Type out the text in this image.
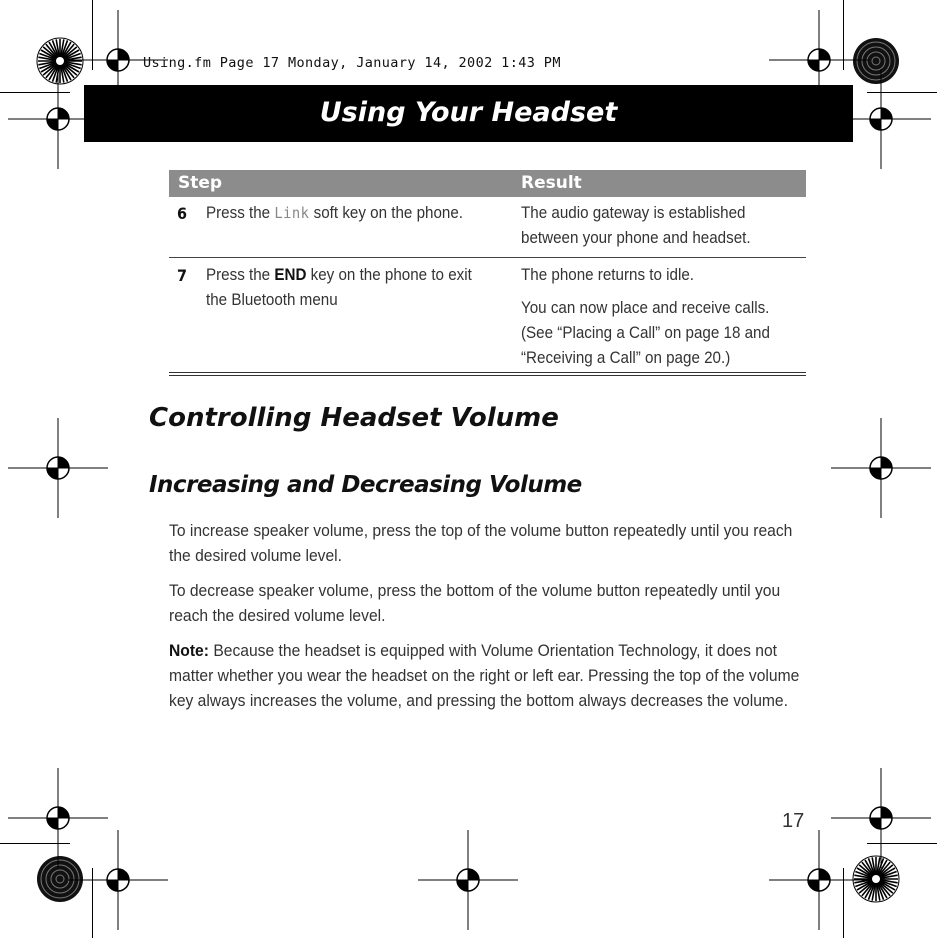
Using.fm Page 17 Monday, January 14, 2002 1:43 PM
Using Your Headset
Step	Result
6 Press the Link soft key on the phone.	The audio gateway is established between your phone and headset.
7 Press the END key on the phone to exit the Bluetooth menu
The phone returns to idle.
You can now place and receive calls. (See “Placing a Call” on page 18 and “Receiving a Call” on page 20.)
Controlling Headset Volume
Increasing and Decreasing Volume
To increase speaker volume, press the top of the volume button repeatedly until you reach the desired volume level.
To decrease speaker volume, press the bottom of the volume button repeatedly until you reach the desired volume level.
Note: Because the headset is equipped with Volume Orientation Technology, it does not matter whether you wear the headset on the right or left ear. Pressing the top of the volume key always increases the volume, and pressing the bottom always decreases the volume.
17
